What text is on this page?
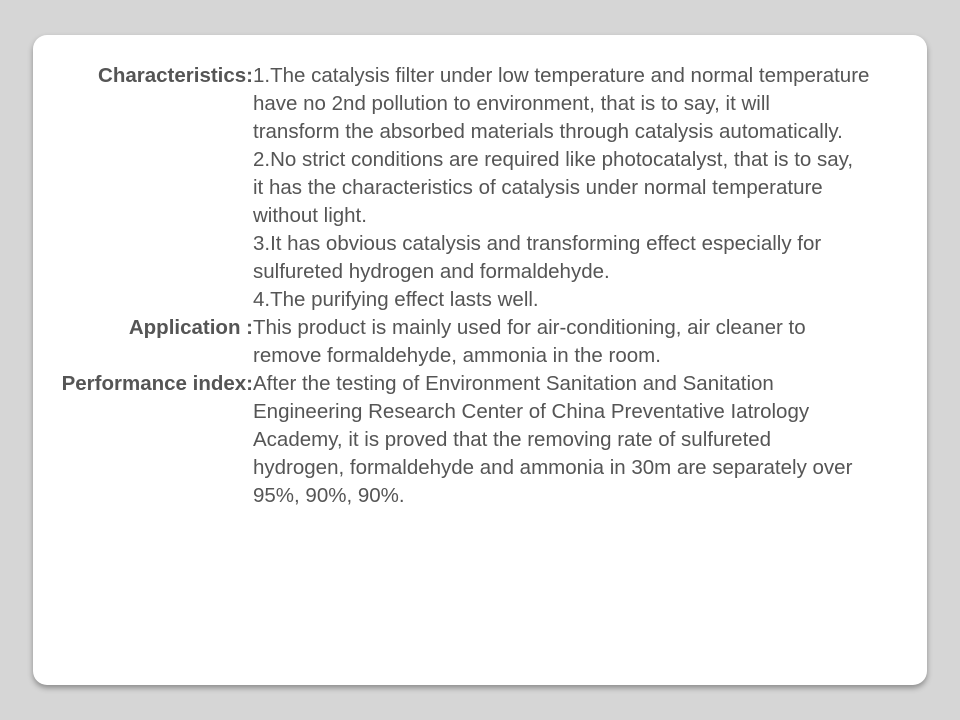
Characteristics: 1.The catalysis filter under low temperature and normal temperature
have no 2nd pollution to environment, that is to say, it will
transform the absorbed materials through catalysis automatically.
2.No strict conditions are required like photocatalyst, that is to say,
it has the characteristics of catalysis under normal temperature
without light.
3.It has obvious catalysis and transforming effect especially for
sulfureted hydrogen and formaldehyde.
4.The purifying effect lasts well.
Application : This product is mainly used for air-conditioning, air cleaner to
remove formaldehyde, ammonia in the room.
Performance index: After the testing of Environment Sanitation and Sanitation
Engineering Research Center of China Preventative Iatrology
Academy, it is proved that the removing rate of sulfureted
hydrogen, formaldehyde and ammonia in 30m are separately over
95%, 90%, 90%.
